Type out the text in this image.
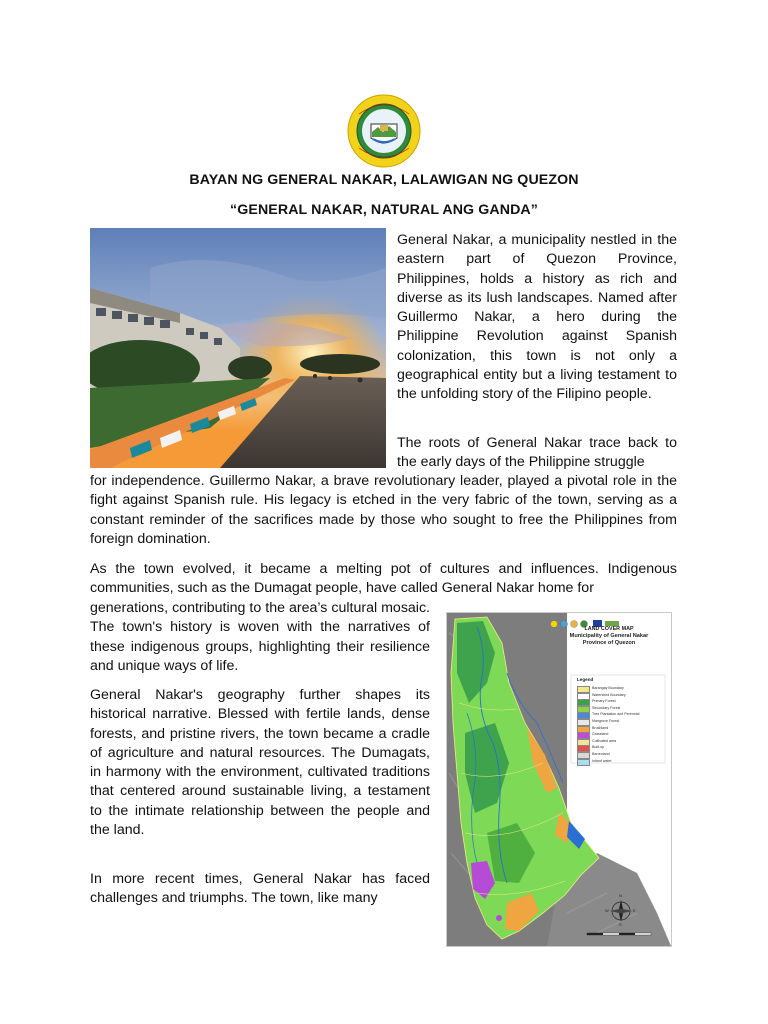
BAYAN NG GENERAL NAKAR, LALAWIGAN NG QUEZON
“GENERAL NAKAR, NATURAL ANG GANDA”

General Nakar, a municipality nestled in the eastern part of Quezon Province, Philippines, holds a history as rich and diverse as its lush landscapes. Named after Guillermo Nakar, a hero during the Philippine Revolution against Spanish colonization, this town is not only a geographical entity but a living testament to the unfolding story of the Filipino people.

The roots of General Nakar trace back to the early days of the Philippine struggle

for independence. Guillermo Nakar, a brave revolutionary leader, played a pivotal role in the fight against Spanish rule. His legacy is etched in the very fabric of the town, serving as a constant reminder of the sacrifices made by those who sought to free the Philippines from foreign domination.

As the town evolved, it became a melting pot of cultures and influences. Indigenous communities, such as the Dumagat people, have called General Nakar home for

generations, contributing to the area’s cultural mosaic. The town's history is woven with the narratives of these indigenous groups, highlighting their resilience and unique ways of life.

General Nakar's geography further shapes its historical narrative. Blessed with fertile lands, dense forests, and pristine rivers, the town became a cradle of agriculture and natural resources. The Dumagats, in harmony with the environment, cultivated traditions that centered around sustainable living, a testament to the intimate relationship between the people and the land.

In more recent times, General Nakar has faced challenges and triumphs. The town, like many

LAND COVER MAP
Municipality of General Nakar
Province of Quezon
Legend
Barangay Boundary
Watershed Boundary
Primary Forest
Secondary Forest
Tree Plantation and Perennial
Mangrove Forest
Brushland
Grassland
Cultivated area
Built-up
Barrenland
Inland water
N
S
E
W
